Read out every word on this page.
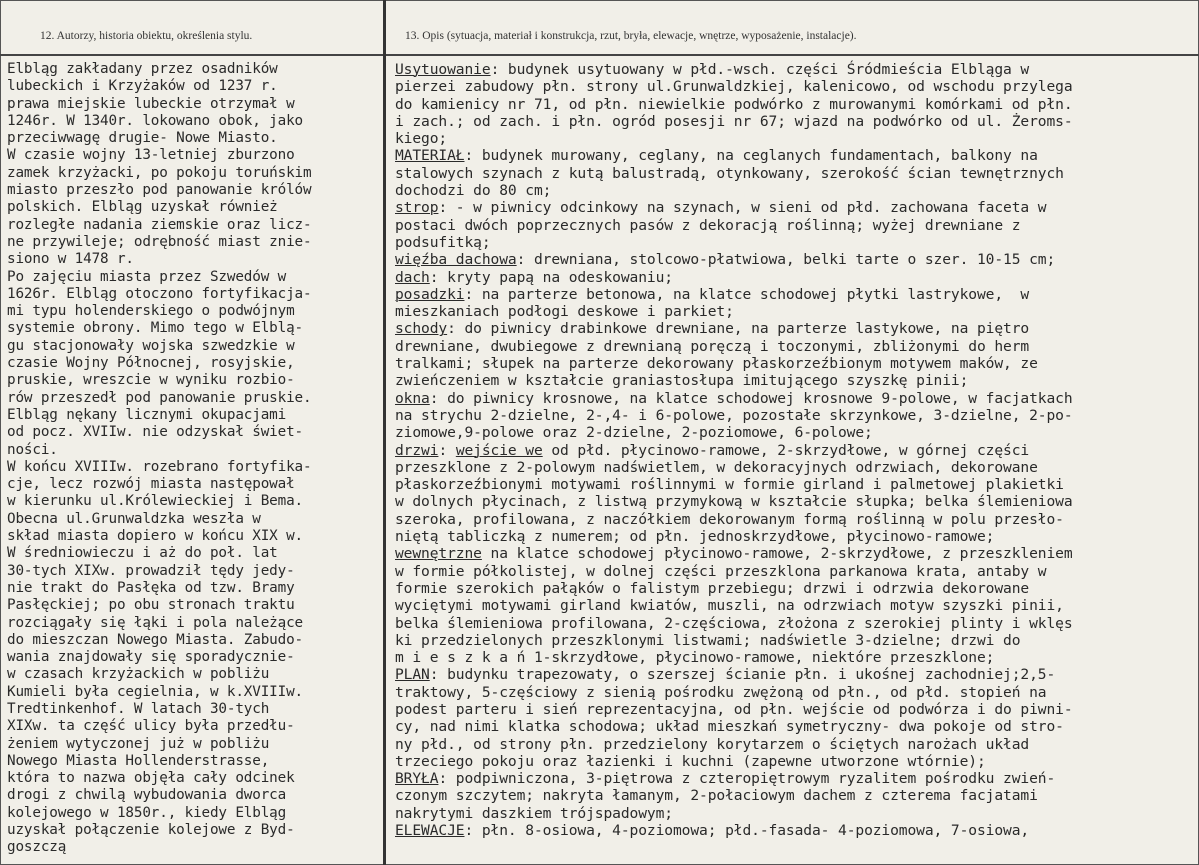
12. Autorzy, historia obiektu, określenia stylu.	13. Opis (sytuacja, materiał i konstrukcja, rzut, bryła, elewacje, wnętrze, wyposażenie, instalacje).
Elbląg zakładany przez osadników
lubeckich i Krzyżaków od 1237 r.
prawa miejskie lubeckie otrzymał w
1246r. W 1340r. lokowano obok, jako
przeciwwagę drugie- Nowe Miasto.
W czasie wojny 13-letniej zburzono
zamek krzyżacki, po pokoju toruńskim
miasto przeszło pod panowanie królów
polskich. Elbląg uzyskał również
rozległe nadania ziemskie oraz licz-
ne przywileje; odrębność miast znie-
siono w 1478 r.
Po zajęciu miasta przez Szwedów w
1626r. Elbląg otoczono fortyfikacja-
mi typu holenderskiego o podwójnym
systemie obrony. Mimo tego w Elblą-
gu stacjonowały wojska szwedzkie w
czasie Wojny Północnej, rosyjskie,
pruskie, wreszcie w wyniku rozbio-
rów przeszedł pod panowanie pruskie.
Elbląg nękany licznymi okupacjami
od pocz. XVIIw. nie odzyskał świet-
ności.
W końcu XVIIIw. rozebrano fortyfika-
cje, lecz rozwój miasta następował
w kierunku ul.Królewieckiej i Bema.
Obecna ul.Grunwaldzka weszła w
skład miasta dopiero w końcu XIX w.
W średniowieczu i aż do poł. lat
30-tych XIXw. prowadził tędy jedy-
nie trakt do Pasłęka od tzw. Bramy
Pasłęckiej; po obu stronach traktu
rozciągały się łąki i pola należące
do mieszczan Nowego Miasta. Zabudo-
wania znajdowały się sporadycznie-
w czasach krzyżackich w pobliżu
Kumieli była cegielnia, w k.XVIIIw.
Tredtinkenhof. W latach 30-tych
XIXw. ta część ulicy była przedłu-
żeniem wytyczonej już w pobliżu
Nowego Miasta Hollenderstrasse,
która to nazwa objęła cały odcinek
drogi z chwilą wybudowania dworca
kolejowego w 1850r., kiedy Elbląg
uzyskał połączenie kolejowe z Byd-
goszczą
Usytuowanie: budynek usytuowany w płd.-wsch. części Śródmieścia Elbląga w
pierzei zabudowy płn. strony ul.Grunwaldzkiej, kalenicowo, od wschodu przylega
do kamienicy nr 71, od płn. niewielkie podwórko z murowanymi komórkami od płn.
i zach.; od zach. i płn. ogród posesji nr 67; wjazd na podwórko od ul. Żeroms-
kiego;
MATERIAŁ: budynek murowany, ceglany, na ceglanych fundamentach, balkony na
stalowych szynach z kutą balustradą, otynkowany, szerokość ścian tewnętrznych
dochodzi do 80 cm;
strop: - w piwnicy odcinkowy na szynach, w sieni od płd. zachowana faceta w
postaci dwóch poprzecznych pasów z dekoracją roślinną; wyżej drewniane z
podsufitką;
więźba dachowa: drewniana, stolcowo-płatwiowa, belki tarte o szer. 10-15 cm;
dach: kryty papą na odeskowaniu;
posadzki: na parterze betonowa, na klatce schodowej płytki lastrykowe,  w
mieszkaniach podłogi deskowe i parkiet;
schody: do piwnicy drabinkowe drewniane, na parterze lastykowe, na piętro
drewniane, dwubiegowe z drewnianą poręczą i toczonymi, zbliżonymi do herm
tralkami; słupek na parterze dekorowany płaskorzeźbionym motywem maków, ze
zwieńczeniem w kształcie graniastosłupa imitującego szyszkę pinii;
okna: do piwnicy krosnowe, na klatce schodowej krosnowe 9-polowe, w facjatkach
na strychu 2-dzielne, 2-,4- i 6-polowe, pozostałe skrzynkowe, 3-dzielne, 2-po-
ziomowe,9-polowe oraz 2-dzielne, 2-poziomowe, 6-polowe;
drzwi: wejście we od płd. płycinowo-ramowe, 2-skrzydłowe, w górnej części
przeszklone z 2-polowym nadświetlem, w dekoracyjnych odrzwiach, dekorowane
płaskorzeźbionymi motywami roślinnymi w formie girland i palmetowej plakietki
w dolnych płycinach, z listwą przymykową w kształcie słupka; belka ślemieniowa
szeroka, profilowana, z naczółkiem dekorowanym formą roślinną w polu przesło-
niętą tabliczką z numerem; od płn. jednoskrzydłowe, płycinowo-ramowe;
wewnętrzne na klatce schodowej płycinowo-ramowe, 2-skrzydłowe, z przeszkleniem
w formie półkolistej, w dolnej części przeszklona parkanowa krata, antaby w
formie szerokich pałąków o falistym przebiegu; drzwi i odrzwia dekorowane
wyciętymi motywami girland kwiatów, muszli, na odrzwiach motyw szyszki pinii,
belka ślemieniowa profilowana, 2-częściowa, złożona z szerokiej plinty i wklęs
ki przedzielonych przeszklonymi listwami; nadświetle 3-dzielne; drzwi do
m i e s z k a ń 1-skrzydłowe, płycinowo-ramowe, niektóre przeszklone;
PLAN: budynku trapezowaty, o szerszej ścianie płn. i ukośnej zachodniej;2,5-
traktowy, 5-częściowy z sienią pośrodku zwężoną od płn., od płd. stopień na
podest parteru i sień reprezentacyjna, od płn. wejście od podwórza i do piwni-
cy, nad nimi klatka schodowa; układ mieszkań symetryczny- dwa pokoje od stro-
ny płd., od strony płn. przedzielony korytarzem o ściętych narożach układ
trzeciego pokoju oraz łazienki i kuchni (zapewne utworzone wtórnie);
BRYŁA: podpiwniczona, 3-piętrowa z czteropiętrowym ryzalitem pośrodku zwień-
czonym szczytem; nakryta łamanym, 2-połaciowym dachem z czterema facjatami
nakrytymi daszkiem trójspadowym;
ELEWACJE: płn. 8-osiowa, 4-poziomowa; płd.-fasada- 4-poziomowa, 7-osiowa,
